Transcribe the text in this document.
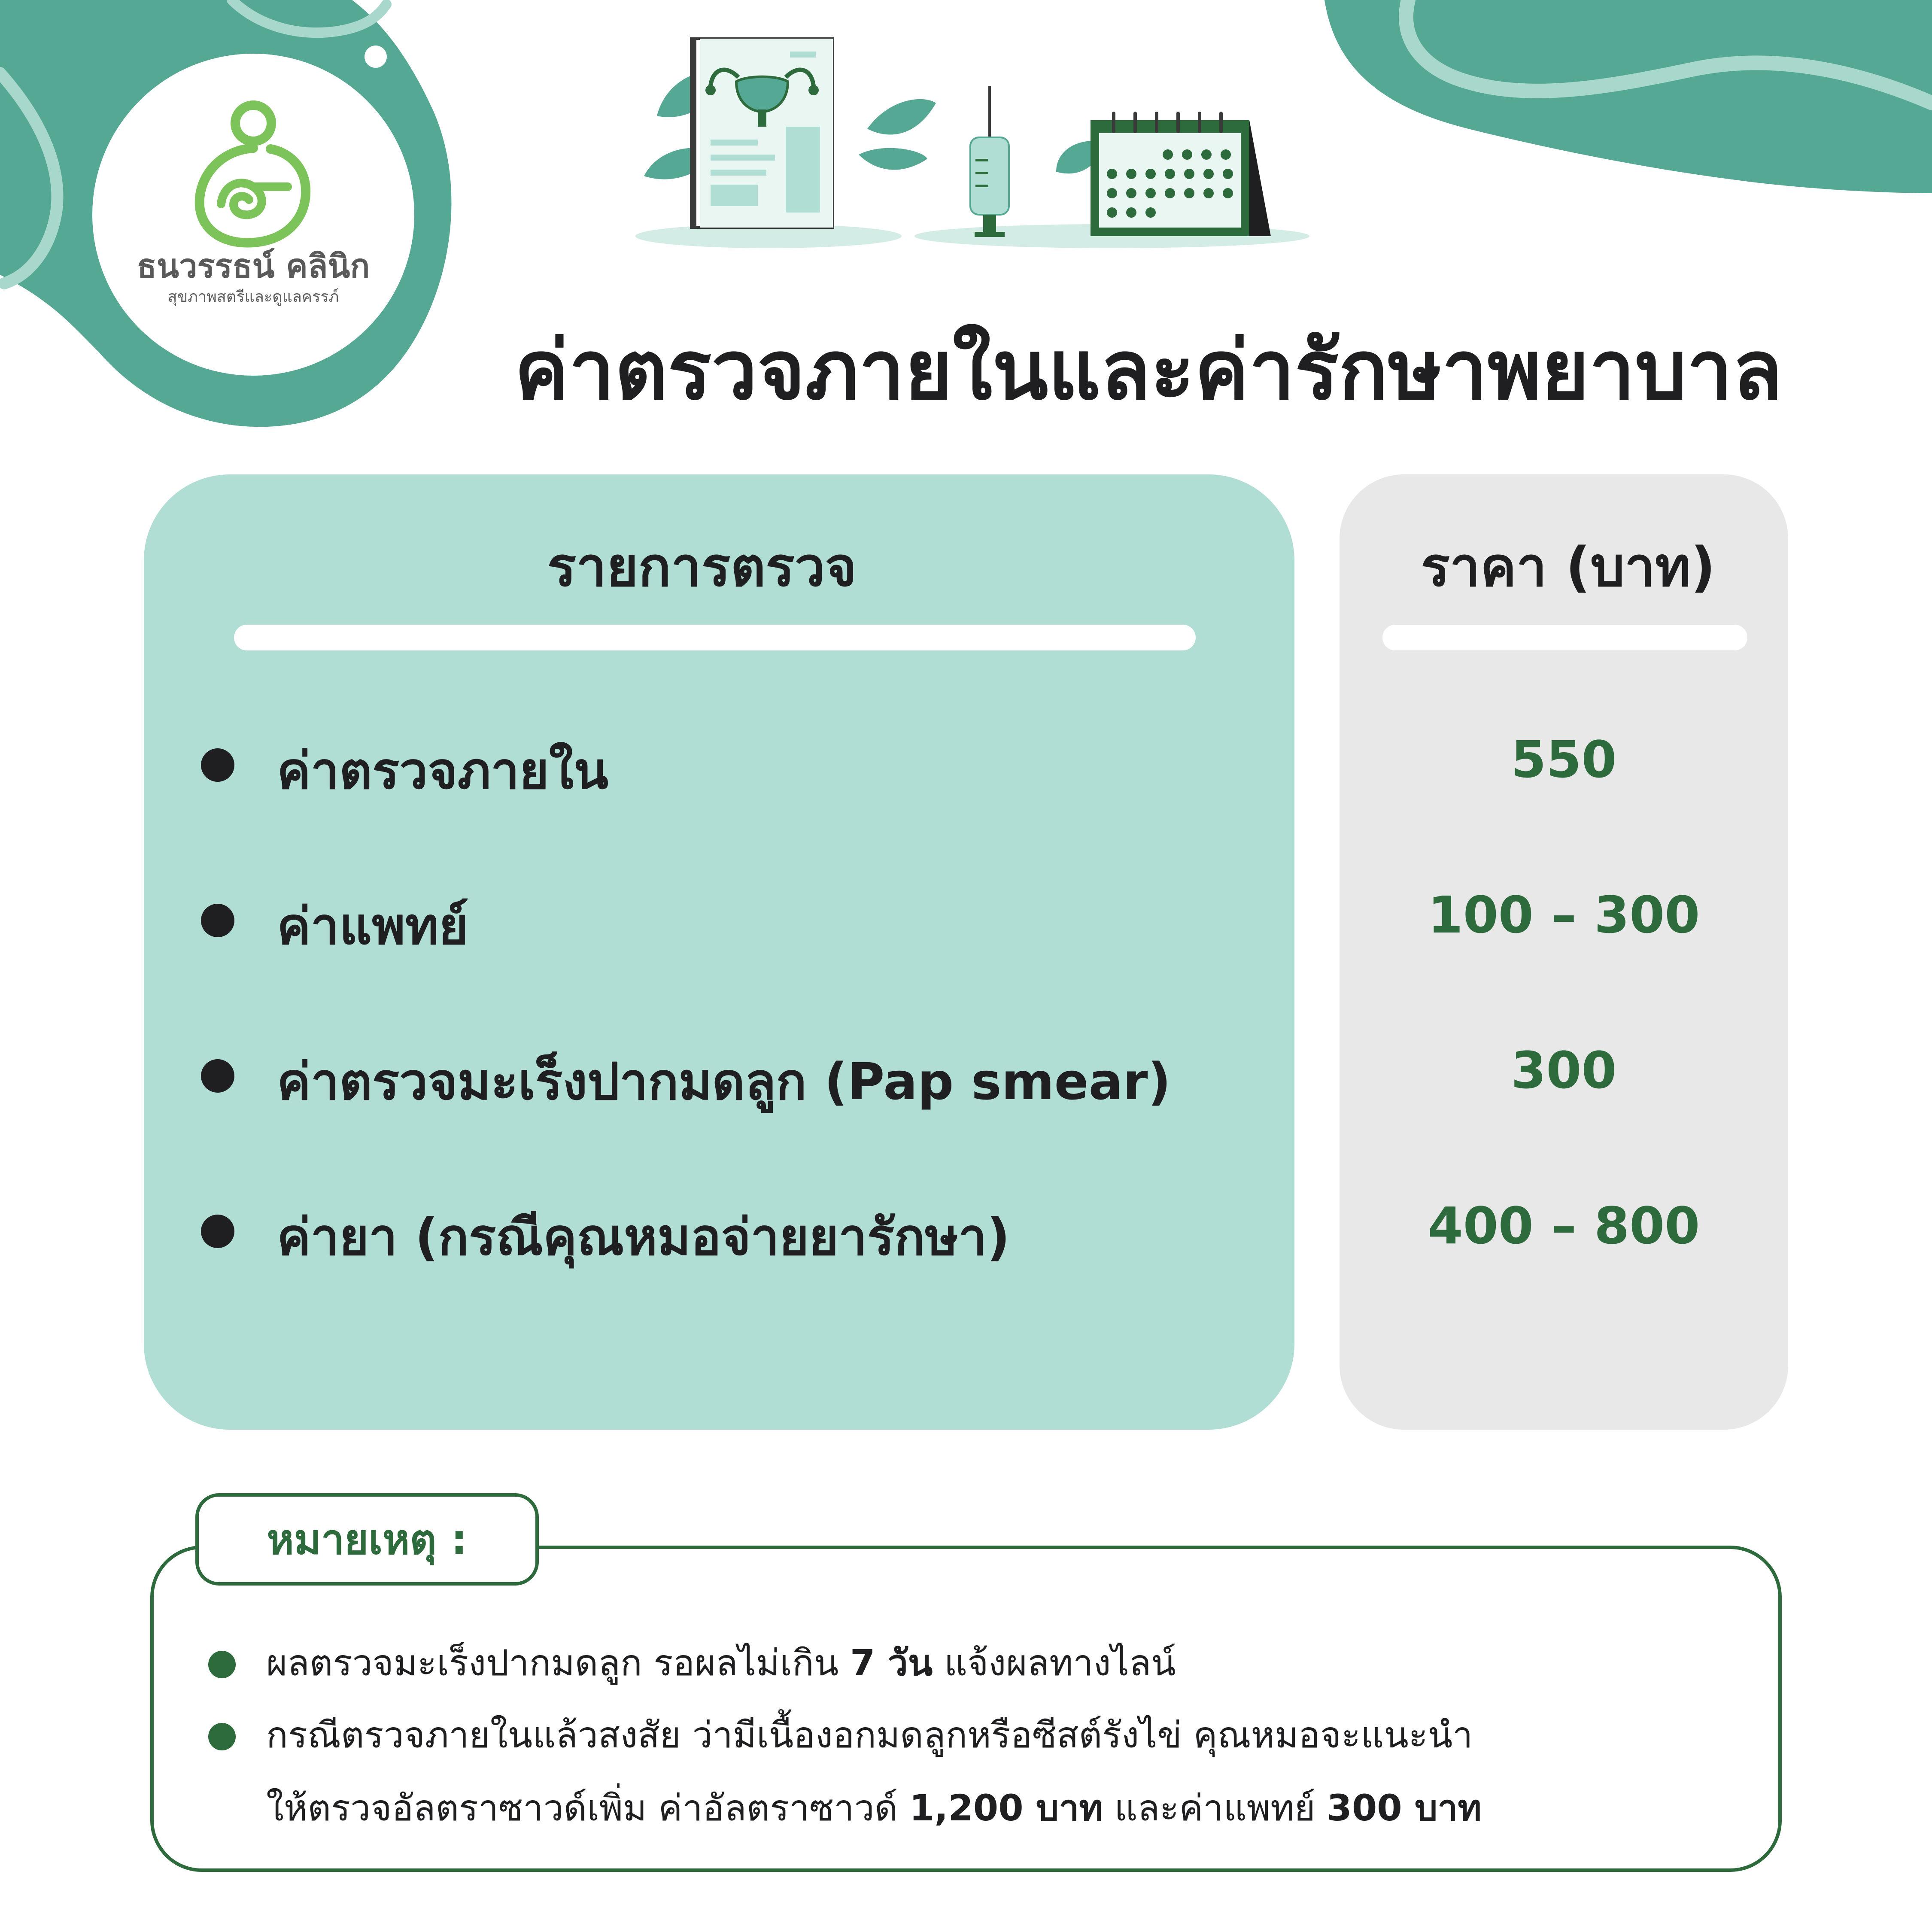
ธนวรรธน์ คลินิก
สุขภาพสตรีและดูแลครรภ์
ค่าตรวจภายในและค่ารักษาพยาบาล
รายการตรวจ	ราคา (บาท)
ค่าตรวจภายใน	550
ค่าแพทย์	100 – 300
ค่าตรวจมะเร็งปากมดลูก (Pap smear)	300
ค่ายา (กรณีคุณหมอจ่ายยารักษา)	400 – 800
หมายเหตุ :
ผลตรวจมะเร็งปากมดลูก รอผลไม่เกิน 7 วัน แจ้งผลทางไลน์
กรณีตรวจภายในแล้วสงสัย ว่ามีเนื้องอกมดลูกหรือซีสต์รังไข่ คุณหมอจะแนะนำ
ให้ตรวจอัลตราซาวด์เพิ่ม ค่าอัลตราซาวด์ 1,200 บาท และค่าแพทย์ 300 บาท
